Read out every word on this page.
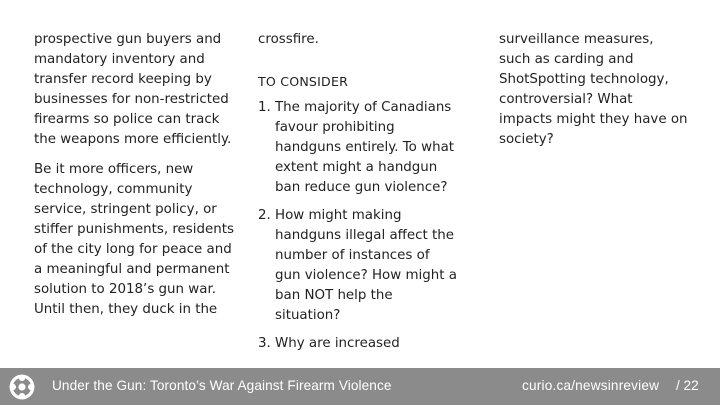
prospective gun buyers and mandatory inventory and transfer record keeping by businesses for non-restricted firearms so police can track the weapons more efficiently.

Be it more officers, new technology, community service, stringent policy, or stiffer punishments, residents of the city long for peace and a meaningful and permanent solution to 2018’s gun war. Until then, they duck in the

crossfire.

TO CONSIDER
1. The majority of Canadians favour prohibiting handguns entirely. To what extent might a handgun ban reduce gun violence?
2. How might making handguns illegal affect the number of instances of gun violence? How might a ban NOT help the situation?
3. Why are increased

surveillance measures, such as carding and ShotSpotting technology, controversial? What impacts might they have on society?

Under the Gun: Toronto’s War Against Firearm Violence	curio.ca/newsinreview / 22
